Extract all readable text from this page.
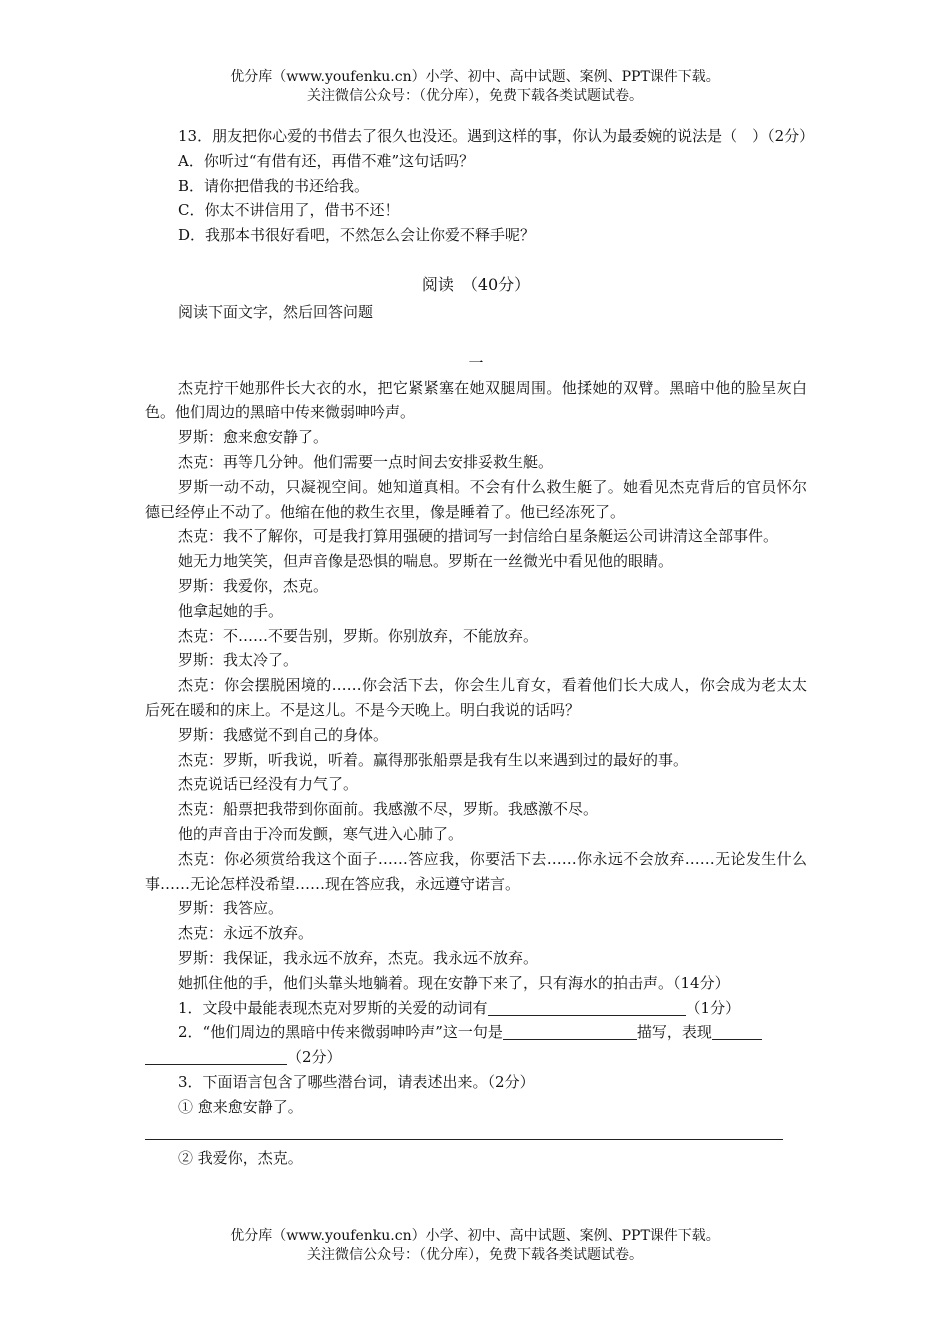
优分库（www.youfenku.cn）小学、初中、高中试题、案例、PPT课件下载。
关注微信公众号：（优分库），免费下载各类试题试卷。

13．朋友把你心爱的书借去了很久也没还。遇到这样的事，你认为最委婉的说法是（　）（2分）

A．你听过“有借有还，再借不难”这句话吗？

B．请你把借我的书还给我。

C．你太不讲信用了，借书不还！

D．我那本书很好看吧，不然怎么会让你爱不释手呢？

阅读　（40分）

阅读下面文字，然后回答问题

一

杰克拧干她那件长大衣的水，把它紧紧塞在她双腿周围。他揉她的双臂。黑暗中他的脸呈灰白色。他们周边的黑暗中传来微弱呻吟声。

罗斯：愈来愈安静了。

杰克：再等几分钟。他们需要一点时间去安排妥救生艇。

罗斯一动不动，只凝视空间。她知道真相。不会有什么救生艇了。她看见杰克背后的官员怀尔德已经停止不动了。他缩在他的救生衣里，像是睡着了。他已经冻死了。

杰克：我不了解你，可是我打算用强硬的措词写一封信给白星条艇运公司讲清这全部事件。

她无力地笑笑，但声音像是恐惧的喘息。罗斯在一丝微光中看见他的眼睛。

罗斯：我爱你，杰克。

他拿起她的手。

杰克：不……不要告别，罗斯。你别放弃，不能放弃。

罗斯：我太冷了。

杰克：你会摆脱困境的……你会活下去，你会生儿育女，看着他们长大成人，你会成为老太太后死在暖和的床上。不是这儿。不是今天晚上。明白我说的话吗？

罗斯：我感觉不到自己的身体。

杰克：罗斯，听我说，听着。赢得那张船票是我有生以来遇到过的最好的事。

杰克说话已经没有力气了。

杰克：船票把我带到你面前。我感激不尽，罗斯。我感激不尽。

他的声音由于冷而发颤，寒气进入心肺了。

杰克：你必须赏给我这个面子……答应我，你要活下去……你永远不会放弃……无论发生什么事……无论怎样没希望……现在答应我，永远遵守诺言。

罗斯：我答应。

杰克：永远不放弃。

罗斯：我保证，我永远不放弃，杰克。我永远不放弃。

她抓住他的手，他们头靠头地躺着。现在安静下来了，只有海水的拍击声。（14分）

1．文段中最能表现杰克对罗斯的关爱的动词有	（1分）

2．“他们周边的黑暗中传来微弱呻吟声”这一句是	描写，表现

（2分）

3．下面语言包含了哪些潜台词，请表述出来。（2分）

① 愈来愈安静了。

② 我爱你，杰克。

优分库（www.youfenku.cn）小学、初中、高中试题、案例、PPT课件下载。
关注微信公众号：（优分库），免费下载各类试题试卷。
